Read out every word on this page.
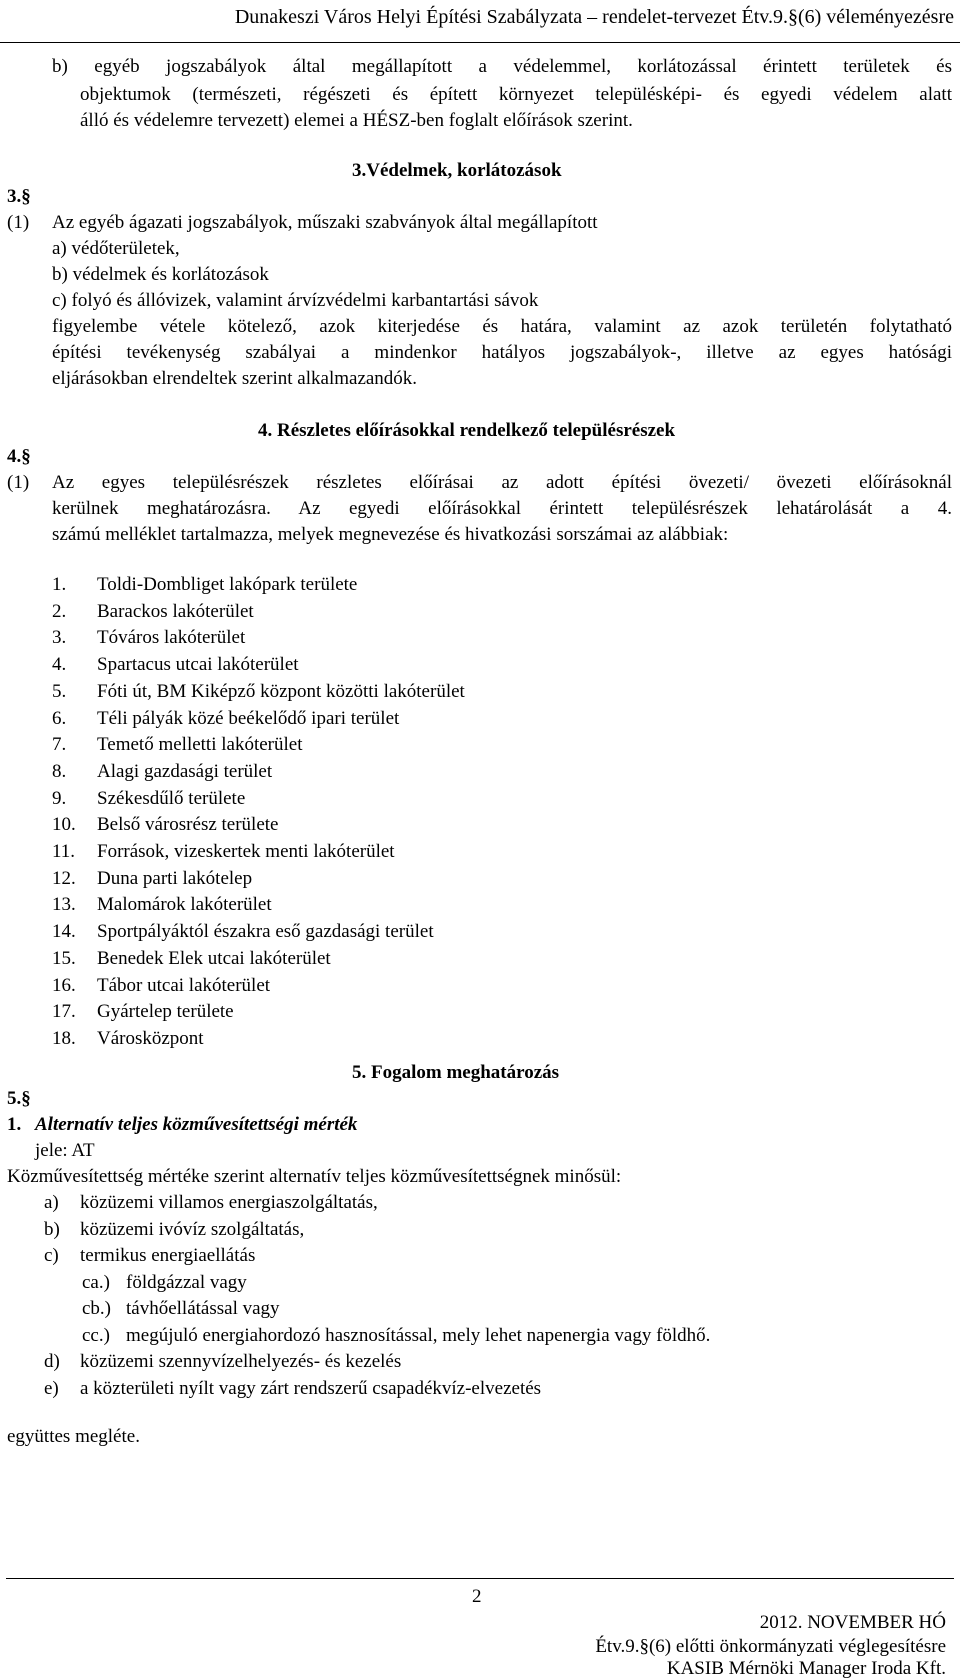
Dunakeszi Város Helyi Építési Szabályzata – rendelet-tervezet Étv.9.§(6) véleményezésre
b) egyéb jogszabályok által megállapított a védelemmel, korlátozással érintett területek és
objektumok (természeti, régészeti és épített környezet településképi- és egyedi védelem alatt
álló és védelemre tervezett) elemei a HÉSZ-ben foglalt előírások szerint.
3.Védelmek, korlátozások
3.§
(1) Az egyéb ágazati jogszabályok, műszaki szabványok által megállapított
a) védőterületek,
b) védelmek és korlátozások
c) folyó és állóvizek, valamint árvízvédelmi karbantartási sávok
figyelembe vétele kötelező, azok kiterjedése és határa, valamint az azok területén folytatható
építési tevékenység szabályai a mindenkor hatályos jogszabályok-, illetve az egyes hatósági
eljárásokban elrendeltek szerint alkalmazandók.
4. Részletes előírásokkal rendelkező településrészek
4.§
(1) Az egyes településrészek részletes előírásai az adott építési övezeti/ övezeti előírásoknál
kerülnek meghatározásra. Az egyedi előírásokkal érintett településrészek lehatárolását a 4.
számú melléklet tartalmazza, melyek megnevezése és hivatkozási sorszámai az alábbiak:
1. Toldi-Dombliget lakópark területe
2. Barackos lakóterület
3. Tóváros lakóterület
4. Spartacus utcai lakóterület
5. Fóti út, BM Kiképző központ közötti lakóterület
6. Téli pályák közé beékelődő ipari terület
7. Temető melletti lakóterület
8. Alagi gazdasági terület
9. Székesdűlő területe
10. Belső városrész területe
11. Források, vizeskertek menti lakóterület
12. Duna parti lakótelep
13. Malomárok lakóterület
14. Sportpályáktól északra eső gazdasági terület
15. Benedek Elek utcai lakóterület
16. Tábor utcai lakóterület
17. Gyártelep területe
18. Városközpont
5. Fogalom meghatározás
5.§
1. Alternatív teljes közművesítettségi mérték
jele: AT
Közművesítettség mértéke szerint alternatív teljes közművesítettségnek minősül:
a) közüzemi villamos energiaszolgáltatás,
b) közüzemi ivóvíz szolgáltatás,
c) termikus energiaellátás
ca.) földgázzal vagy
cb.) távhőellátással vagy
cc.) megújuló energiahordozó hasznosítással, mely lehet napenergia vagy földhő.
d) közüzemi szennyvízelhelyezés- és kezelés
e) a közterületi nyílt vagy zárt rendszerű csapadékvíz-elvezetés
együttes megléte.
2
2012. NOVEMBER HÓ
Étv.9.§(6) előtti önkormányzati véglegesítésre
KASIB Mérnöki Manager Iroda Kft.
